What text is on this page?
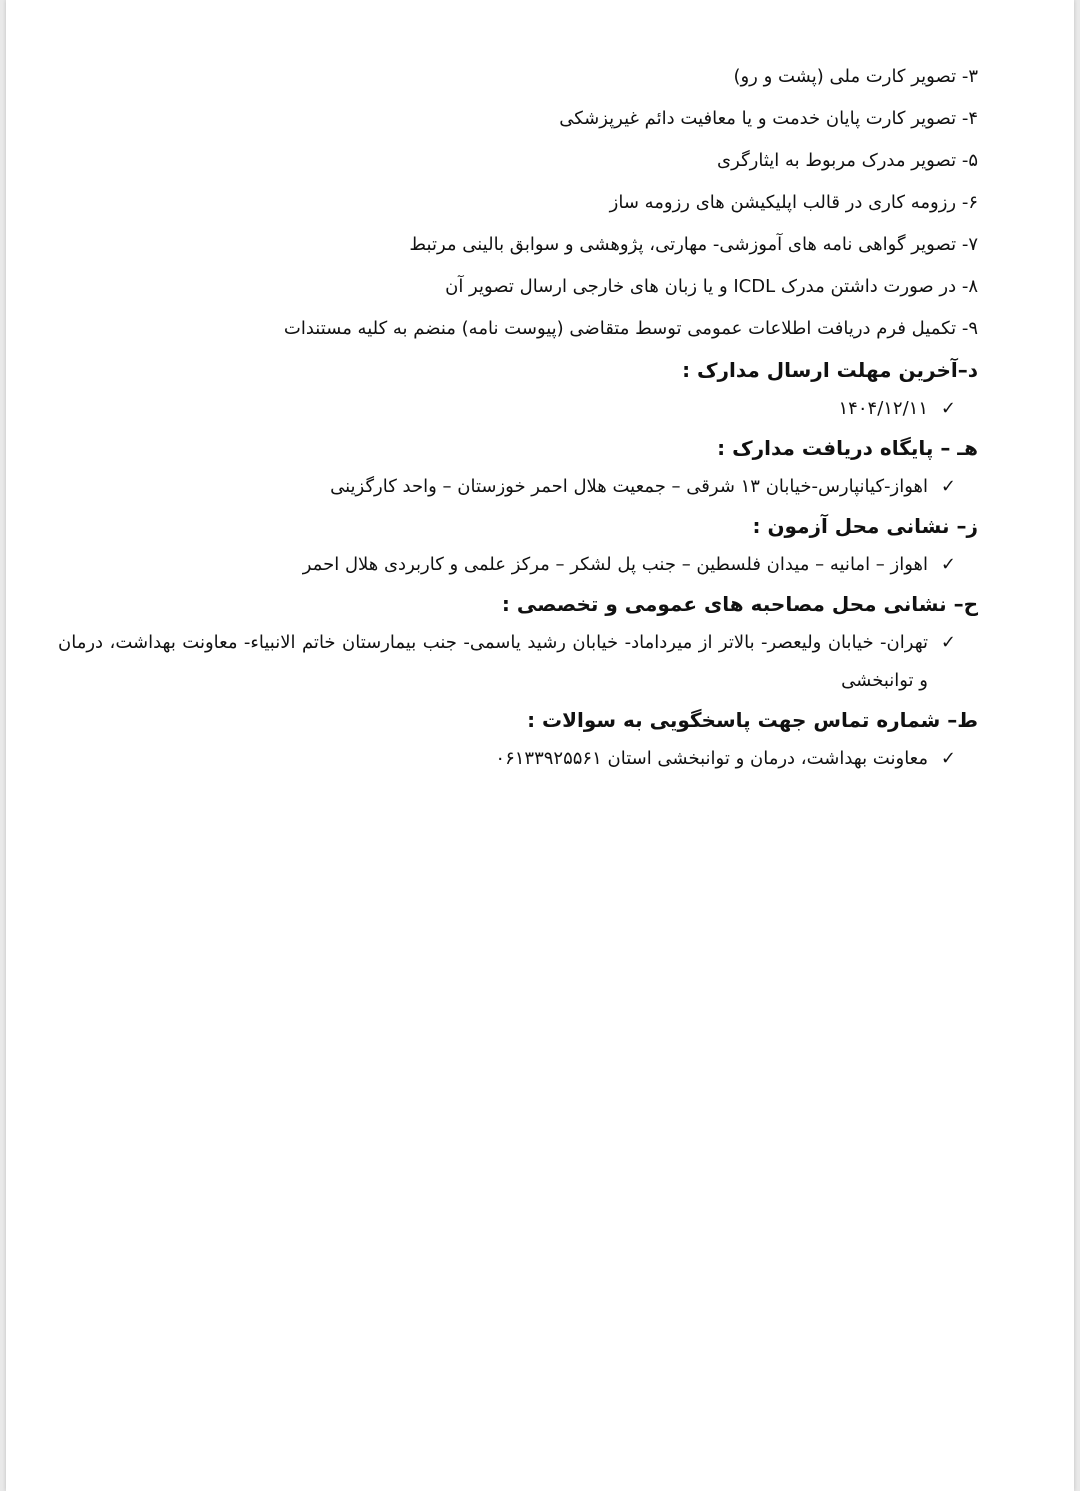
۳- تصویر کارت ملی (پشت و رو)
۴- تصویر کارت پایان خدمت و یا معافیت دائم غیرپزشکی
۵- تصویر مدرک مربوط به ایثارگری
۶- رزومه کاری در قالب اپلیکیشن های رزومه ساز
۷- تصویر گواهی نامه های آموزشی- مهارتی، پژوهشی و سوابق بالینی مرتبط
۸- در صورت داشتن مدرک ICDL و یا زبان های خارجی ارسال تصویر آن
۹- تکمیل فرم دریافت اطلاعات عمومی توسط متقاضی (پیوست نامه) منضم به کلیه مستندات
د–آخرین مهلت ارسال مدارک :
✓
۱۴۰۴/۱۲/۱۱
هـ – پایگاه دریافت مدارک :
✓
اهواز-کیانپارس-خیابان ۱۳ شرقی – جمعیت هلال احمر خوزستان – واحد کارگزینی
ز– نشانی محل آزمون :
✓
اهواز – امانیه – میدان فلسطین – جنب پل لشکر – مرکز علمی و کاربردی هلال احمر
ح– نشانی محل مصاحبه های عمومی و تخصصی :
✓
تهران- خیابان ولیعصر- بالاتر از میرداماد- خیابان رشید یاسمی- جنب بیمارستان خاتم الانبیاء- معاونت بهداشت، درمان و توانبخشی
ط– شماره تماس جهت پاسخگویی به سوالات :
✓
معاونت بهداشت، درمان و توانبخشی استان ۰۶۱۳۳۹۲۵۵۶۱
